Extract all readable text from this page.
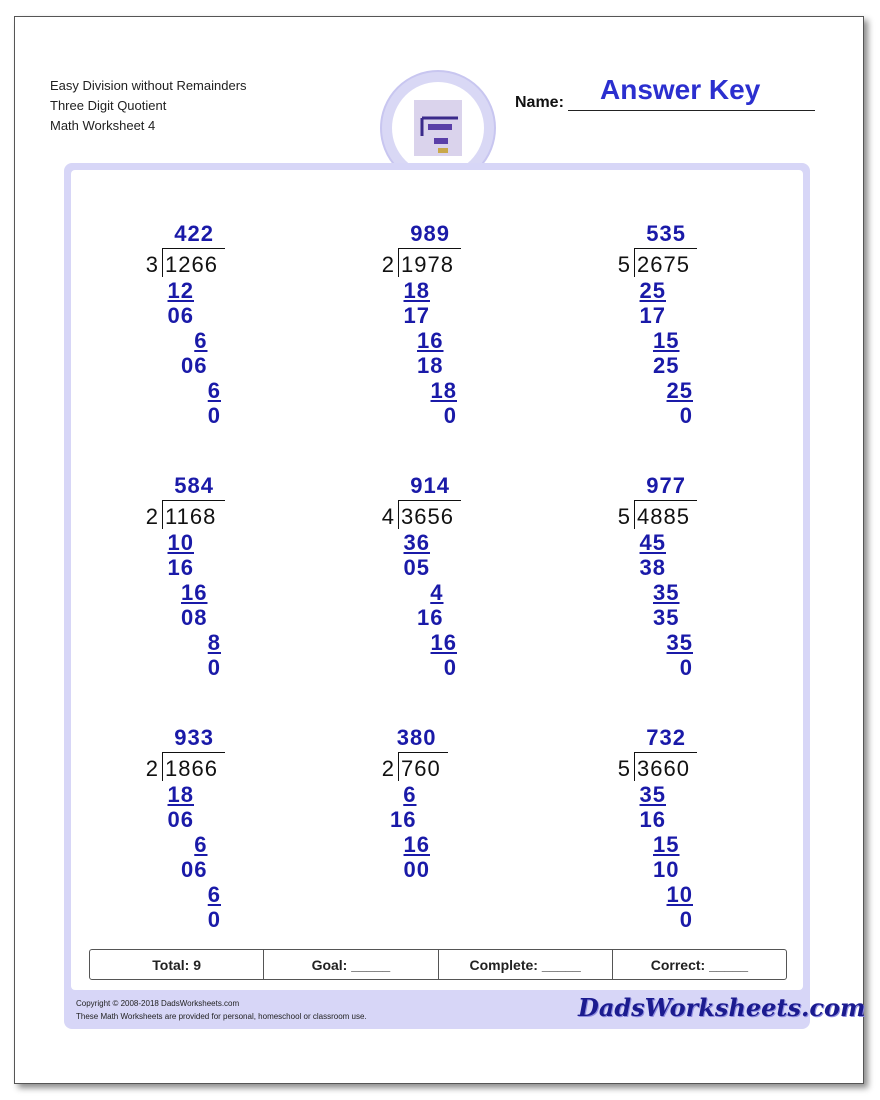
Easy Division without Remainders
Three Digit Quotient
Math Worksheet 4
Name: Answer Key
422
3 1266
12
06
6
06
6
0
989
2 1978
18
17
16
18
18
0
535
5 2675
25
17
15
25
25
0
584
2 1168
10
16
16
08
8
0
914
4 3656
36
05
4
16
16
0
977
5 4885
45
38
35
35
35
0
933
2 1866
18
06
6
06
6
0
380
2 760
6
16
16
00
732
5 3660
35
16
15
10
10
0
Total: 9	Goal: _____	Complete: _____	Correct: _____
Copyright © 2008-2018 DadsWorksheets.com
These Math Worksheets are provided for personal, homeschool or classroom use.	DadsWorksheets.com
